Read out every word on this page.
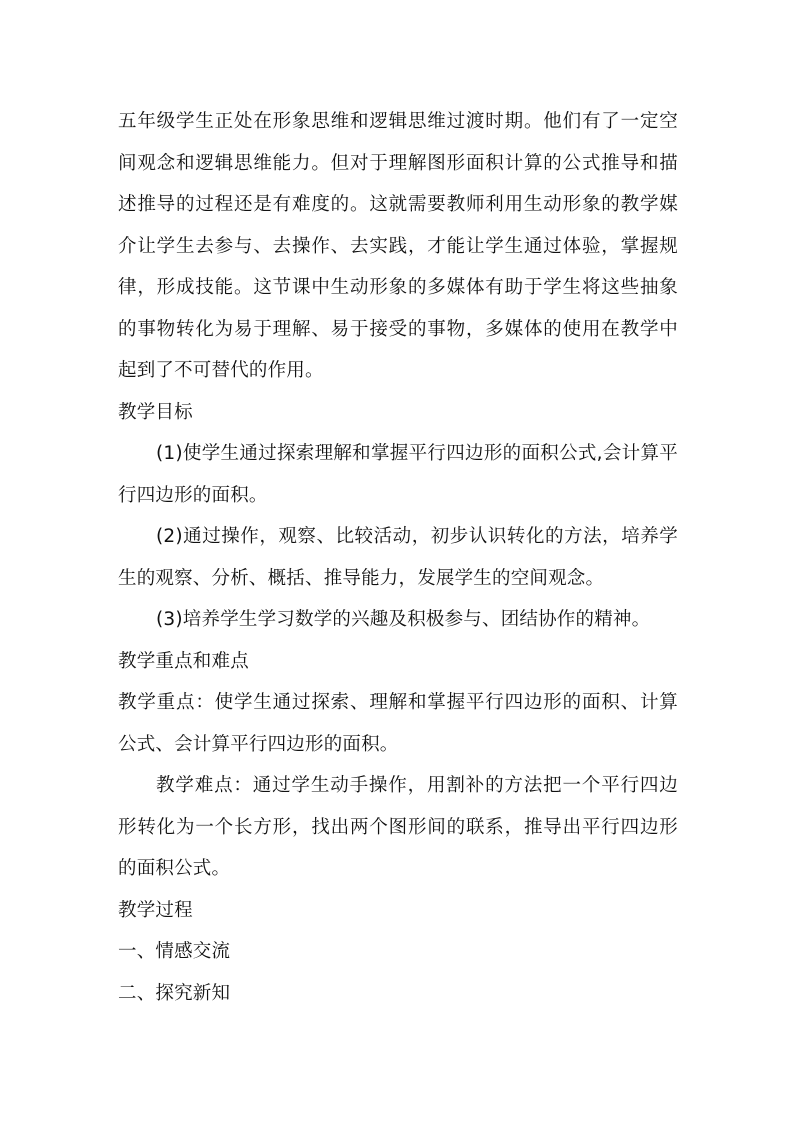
五年级学生正处在形象思维和逻辑思维过渡时期。他们有了一定空间观念和逻辑思维能力。但对于理解图形面积计算的公式推导和描述推导的过程还是有难度的。这就需要教师利用生动形象的教学媒介让学生去参与、去操作、去实践，才能让学生通过体验，掌握规律，形成技能。这节课中生动形象的多媒体有助于学生将这些抽象的事物转化为易于理解、易于接受的事物，多媒体的使用在教学中起到了不可替代的作用。

教学目标

(1)使学生通过探索理解和掌握平行四边形的面积公式,会计算平行四边形的面积。

(2)通过操作，观察、比较活动，初步认识转化的方法，培养学生的观察、分析、概括、推导能力，发展学生的空间观念。

(3)培养学生学习数学的兴趣及积极参与、团结协作的精神。

教学重点和难点

教学重点：使学生通过探索、理解和掌握平行四边形的面积、计算公式、会计算平行四边形的面积。

教学难点：通过学生动手操作，用割补的方法把一个平行四边形转化为一个长方形，找出两个图形间的联系，推导出平行四边形的面积公式。

教学过程

一、情感交流

二、探究新知
